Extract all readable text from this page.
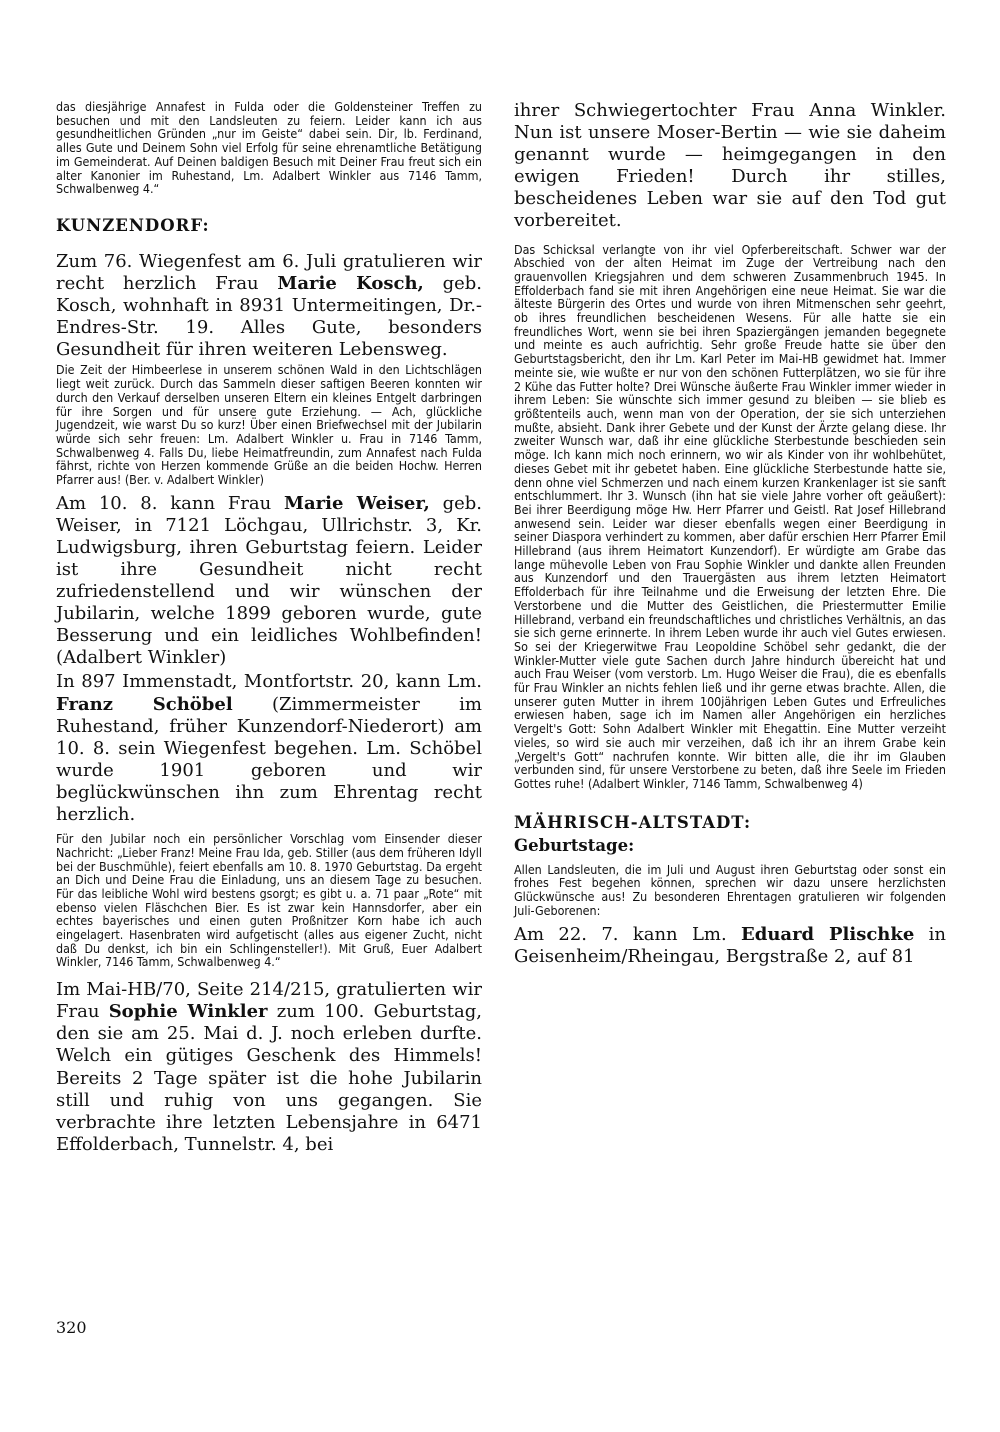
das diesjährige Annafest in Fulda oder die Goldensteiner Treffen zu besuchen und mit den Landsleuten zu feiern. Leider kann ich aus gesundheitlichen Gründen „nur im Geiste“ dabei sein. Dir, lb. Ferdinand, alles Gute und Deinem Sohn viel Erfolg für seine ehrenamtliche Betätigung im Gemeinderat. Auf Deinen baldigen Besuch mit Deiner Frau freut sich ein alter Kanonier im Ruhestand, Lm. Adalbert Winkler aus 7146 Tamm, Schwalbenweg 4.“

KUNZENDORF:

Zum 76. Wiegenfest am 6. Juli gratulieren wir recht herzlich Frau Marie Kosch, geb. Kosch, wohnhaft in 8931 Untermeitingen, Dr.-Endres-Str. 19. Alles Gute, besonders Gesundheit für ihren weiteren Lebensweg.

Die Zeit der Himbeerlese in unserem schönen Wald in den Lichtschlägen liegt weit zurück. Durch das Sammeln dieser saftigen Beeren konnten wir durch den Verkauf derselben unseren Eltern ein kleines Entgelt darbringen für ihre Sorgen und für unsere gute Erziehung. — Ach, glückliche Jugendzeit, wie warst Du so kurz! Über einen Briefwechsel mit der Jubilarin würde sich sehr freuen: Lm. Adalbert Winkler u. Frau in 7146 Tamm, Schwalbenweg 4. Falls Du, liebe Heimatfreundin, zum Annafest nach Fulda fährst, richte von Herzen kommende Grüße an die beiden Hochw. Herren Pfarrer aus! (Ber. v. Adalbert Winkler)

Am 10. 8. kann Frau Marie Weiser, geb. Weiser, in 7121 Löchgau, Ullrichstr. 3, Kr. Ludwigsburg, ihren Geburtstag feiern. Leider ist ihre Gesundheit nicht recht zufriedenstellend und wir wünschen der Jubilarin, welche 1899 geboren wurde, gute Besserung und ein leidliches Wohlbefinden! (Adalbert Winkler)

In 897 Immenstadt, Montfortstr. 20, kann Lm. Franz Schöbel (Zimmermeister im Ruhestand, früher Kunzendorf-Niederort) am 10. 8. sein Wiegenfest begehen. Lm. Schöbel wurde 1901 geboren und wir beglückwünschen ihn zum Ehrentag recht herzlich.

Für den Jubilar noch ein persönlicher Vorschlag vom Einsender dieser Nachricht: „Lieber Franz! Meine Frau Ida, geb. Stiller (aus dem früheren Idyll bei der Buschmühle), feiert ebenfalls am 10. 8. 1970 Geburtstag. Da ergeht an Dich und Deine Frau die Einladung, uns an diesem Tage zu besuchen. Für das leibliche Wohl wird bestens gsorgt; es gibt u. a. 71 paar „Rote“ mit ebenso vielen Fläschchen Bier. Es ist zwar kein Hannsdorfer, aber ein echtes bayerisches und einen guten Proßnitzer Korn habe ich auch eingelagert. Hasenbraten wird aufgetischt (alles aus eigener Zucht, nicht daß Du denkst, ich bin ein Schlingensteller!). Mit Gruß, Euer Adalbert Winkler, 7146 Tamm, Schwalbenweg 4.“

Im Mai-HB/70, Seite 214/215, gratulierten wir Frau Sophie Winkler zum 100. Geburtstag, den sie am 25. Mai d. J. noch erleben durfte. Welch ein gütiges Geschenk des Himmels! Bereits 2 Tage später ist die hohe Jubilarin still und ruhig von uns gegangen. Sie verbrachte ihre letzten Lebensjahre in 6471 Effolderbach, Tunnelstr. 4, bei

ihrer Schwiegertochter Frau Anna Winkler. Nun ist unsere Moser-Bertin — wie sie daheim genannt wurde — heimgegangen in den ewigen Frieden! Durch ihr stilles, bescheidenes Leben war sie auf den Tod gut vorbereitet.

Das Schicksal verlangte von ihr viel Opferbereitschaft. Schwer war der Abschied von der alten Heimat im Zuge der Vertreibung nach den grauenvollen Kriegsjahren und dem schweren Zusammenbruch 1945. In Effolderbach fand sie mit ihren Angehörigen eine neue Heimat. Sie war die älteste Bürgerin des Ortes und wurde von ihren Mitmenschen sehr geehrt, ob ihres freundlichen bescheidenen Wesens. Für alle hatte sie ein freundliches Wort, wenn sie bei ihren Spaziergängen jemanden begegnete und meinte es auch aufrichtig. Sehr große Freude hatte sie über den Geburtstagsbericht, den ihr Lm. Karl Peter im Mai-HB gewidmet hat. Immer meinte sie, wie wußte er nur von den schönen Futterplätzen, wo sie für ihre 2 Kühe das Futter holte? Drei Wünsche äußerte Frau Winkler immer wieder in ihrem Leben: Sie wünschte sich immer gesund zu bleiben — sie blieb es größtenteils auch, wenn man von der Operation, der sie sich unterziehen mußte, absieht. Dank ihrer Gebete und der Kunst der Ärzte gelang diese. Ihr zweiter Wunsch war, daß ihr eine glückliche Sterbestunde beschieden sein möge. Ich kann mich noch erinnern, wo wir als Kinder von ihr wohlbehütet, dieses Gebet mit ihr gebetet haben. Eine glückliche Sterbestunde hatte sie, denn ohne viel Schmerzen und nach einem kurzen Krankenlager ist sie sanft entschlummert. Ihr 3. Wunsch (ihn hat sie viele Jahre vorher oft geäußert): Bei ihrer Beerdigung möge Hw. Herr Pfarrer und Geistl. Rat Josef Hillebrand anwesend sein. Leider war dieser ebenfalls wegen einer Beerdigung in seiner Diaspora verhindert zu kommen, aber dafür erschien Herr Pfarrer Emil Hillebrand (aus ihrem Heimatort Kunzendorf). Er würdigte am Grabe das lange mühevolle Leben von Frau Sophie Winkler und dankte allen Freunden aus Kunzendorf und den Trauergästen aus ihrem letzten Heimatort Effolderbach für ihre Teilnahme und die Erweisung der letzten Ehre. Die Verstorbene und die Mutter des Geistlichen, die Priestermutter Emilie Hillebrand, verband ein freundschaftliches und christliches Verhältnis, an das sie sich gerne erinnerte. In ihrem Leben wurde ihr auch viel Gutes erwiesen. So sei der Kriegerwitwe Frau Leopoldine Schöbel sehr gedankt, die der Winkler-Mutter viele gute Sachen durch Jahre hindurch übereicht hat und auch Frau Weiser (vom verstorb. Lm. Hugo Weiser die Frau), die es ebenfalls für Frau Winkler an nichts fehlen ließ und ihr gerne etwas brachte. Allen, die unserer guten Mutter in ihrem 100jährigen Leben Gutes und Erfreuliches erwiesen haben, sage ich im Namen aller Angehörigen ein herzliches Vergelt's Gott: Sohn Adalbert Winkler mit Ehegattin. Eine Mutter verzeiht vieles, so wird sie auch mir verzeihen, daß ich ihr an ihrem Grabe kein „Vergelt's Gott“ nachrufen konnte. Wir bitten alle, die ihr im Glauben verbunden sind, für unsere Verstorbene zu beten, daß ihre Seele im Frieden Gottes ruhe! (Adalbert Winkler, 7146 Tamm, Schwalbenweg 4)

MÄHRISCH-ALTSTADT:
Geburtstage:

Allen Landsleuten, die im Juli und August ihren Geburtstag oder sonst ein frohes Fest begehen können, sprechen wir dazu unsere herzlichsten Glückwünsche aus! Zu besonderen Ehrentagen gratulieren wir folgenden Juli-Geborenen:

Am 22. 7. kann Lm. Eduard Plischke in Geisenheim/Rheingau, Bergstraße 2, auf 81

320
